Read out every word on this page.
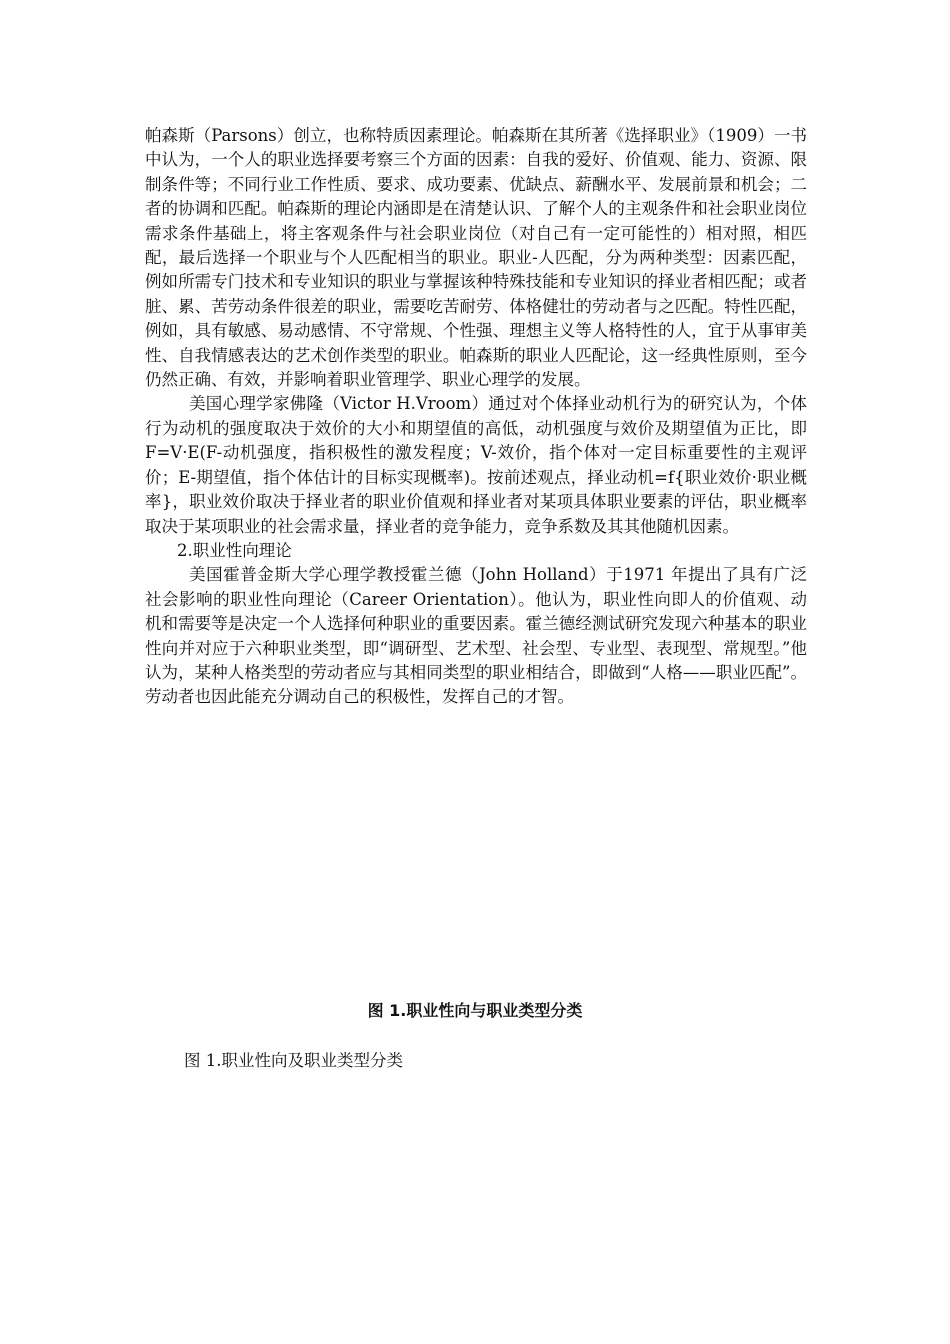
帕森斯（Parsons）创立，也称特质因素理论。帕森斯在其所著《选择职业》（1909）一书中认为，一个人的职业选择要考察三个方面的因素：自我的爱好、价值观、能力、资源、限制条件等；不同行业工作性质、要求、成功要素、优缺点、薪酬水平、发展前景和机会；二者的协调和匹配。帕森斯的理论内涵即是在清楚认识、了解个人的主观条件和社会职业岗位需求条件基础上，将主客观条件与社会职业岗位（对自己有一定可能性的）相对照，相匹配，最后选择一个职业与个人匹配相当的职业。职业-人匹配，分为两种类型：因素匹配，例如所需专门技术和专业知识的职业与掌握该种特殊技能和专业知识的择业者相匹配；或者脏、累、苦劳动条件很差的职业，需要吃苦耐劳、体格健壮的劳动者与之匹配。特性匹配，例如，具有敏感、易动感情、不守常规、个性强、理想主义等人格特性的人，宜于从事审美性、自我情感表达的艺术创作类型的职业。帕森斯的职业人匹配论，这一经典性原则，至今仍然正确、有效，并影响着职业管理学、职业心理学的发展。

美国心理学家佛隆（Victor H.Vroom）通过对个体择业动机行为的研究认为，个体行为动机的强度取决于效价的大小和期望值的高低，动机强度与效价及期望值为正比，即 F=V·E(F-动机强度，指积极性的激发程度；V-效价，指个体对一定目标重要性的主观评价；E-期望值，指个体估计的目标实现概率)。按前述观点，择业动机=f{职业效价·职业概率}，职业效价取决于择业者的职业价值观和择业者对某项具体职业要素的评估，职业概率取决于某项职业的社会需求量，择业者的竞争能力，竞争系数及其其他随机因素。

2.职业性向理论

美国霍普金斯大学心理学教授霍兰德（John Holland）于1971 年提出了具有广泛社会影响的职业性向理论（Career Orientation）。他认为，职业性向即人的价值观、动机和需要等是决定一个人选择何种职业的重要因素。霍兰德经测试研究发现六种基本的职业性向并对应于六种职业类型，即“调研型、艺术型、社会型、专业型、表现型、常规型。”他认为，某种人格类型的劳动者应与其相同类型的职业相结合，即做到“人格——职业匹配”。劳动者也因此能充分调动自己的积极性，发挥自己的才智。

图 1.职业性向与职业类型分类
图 1.职业性向及职业类型分类
